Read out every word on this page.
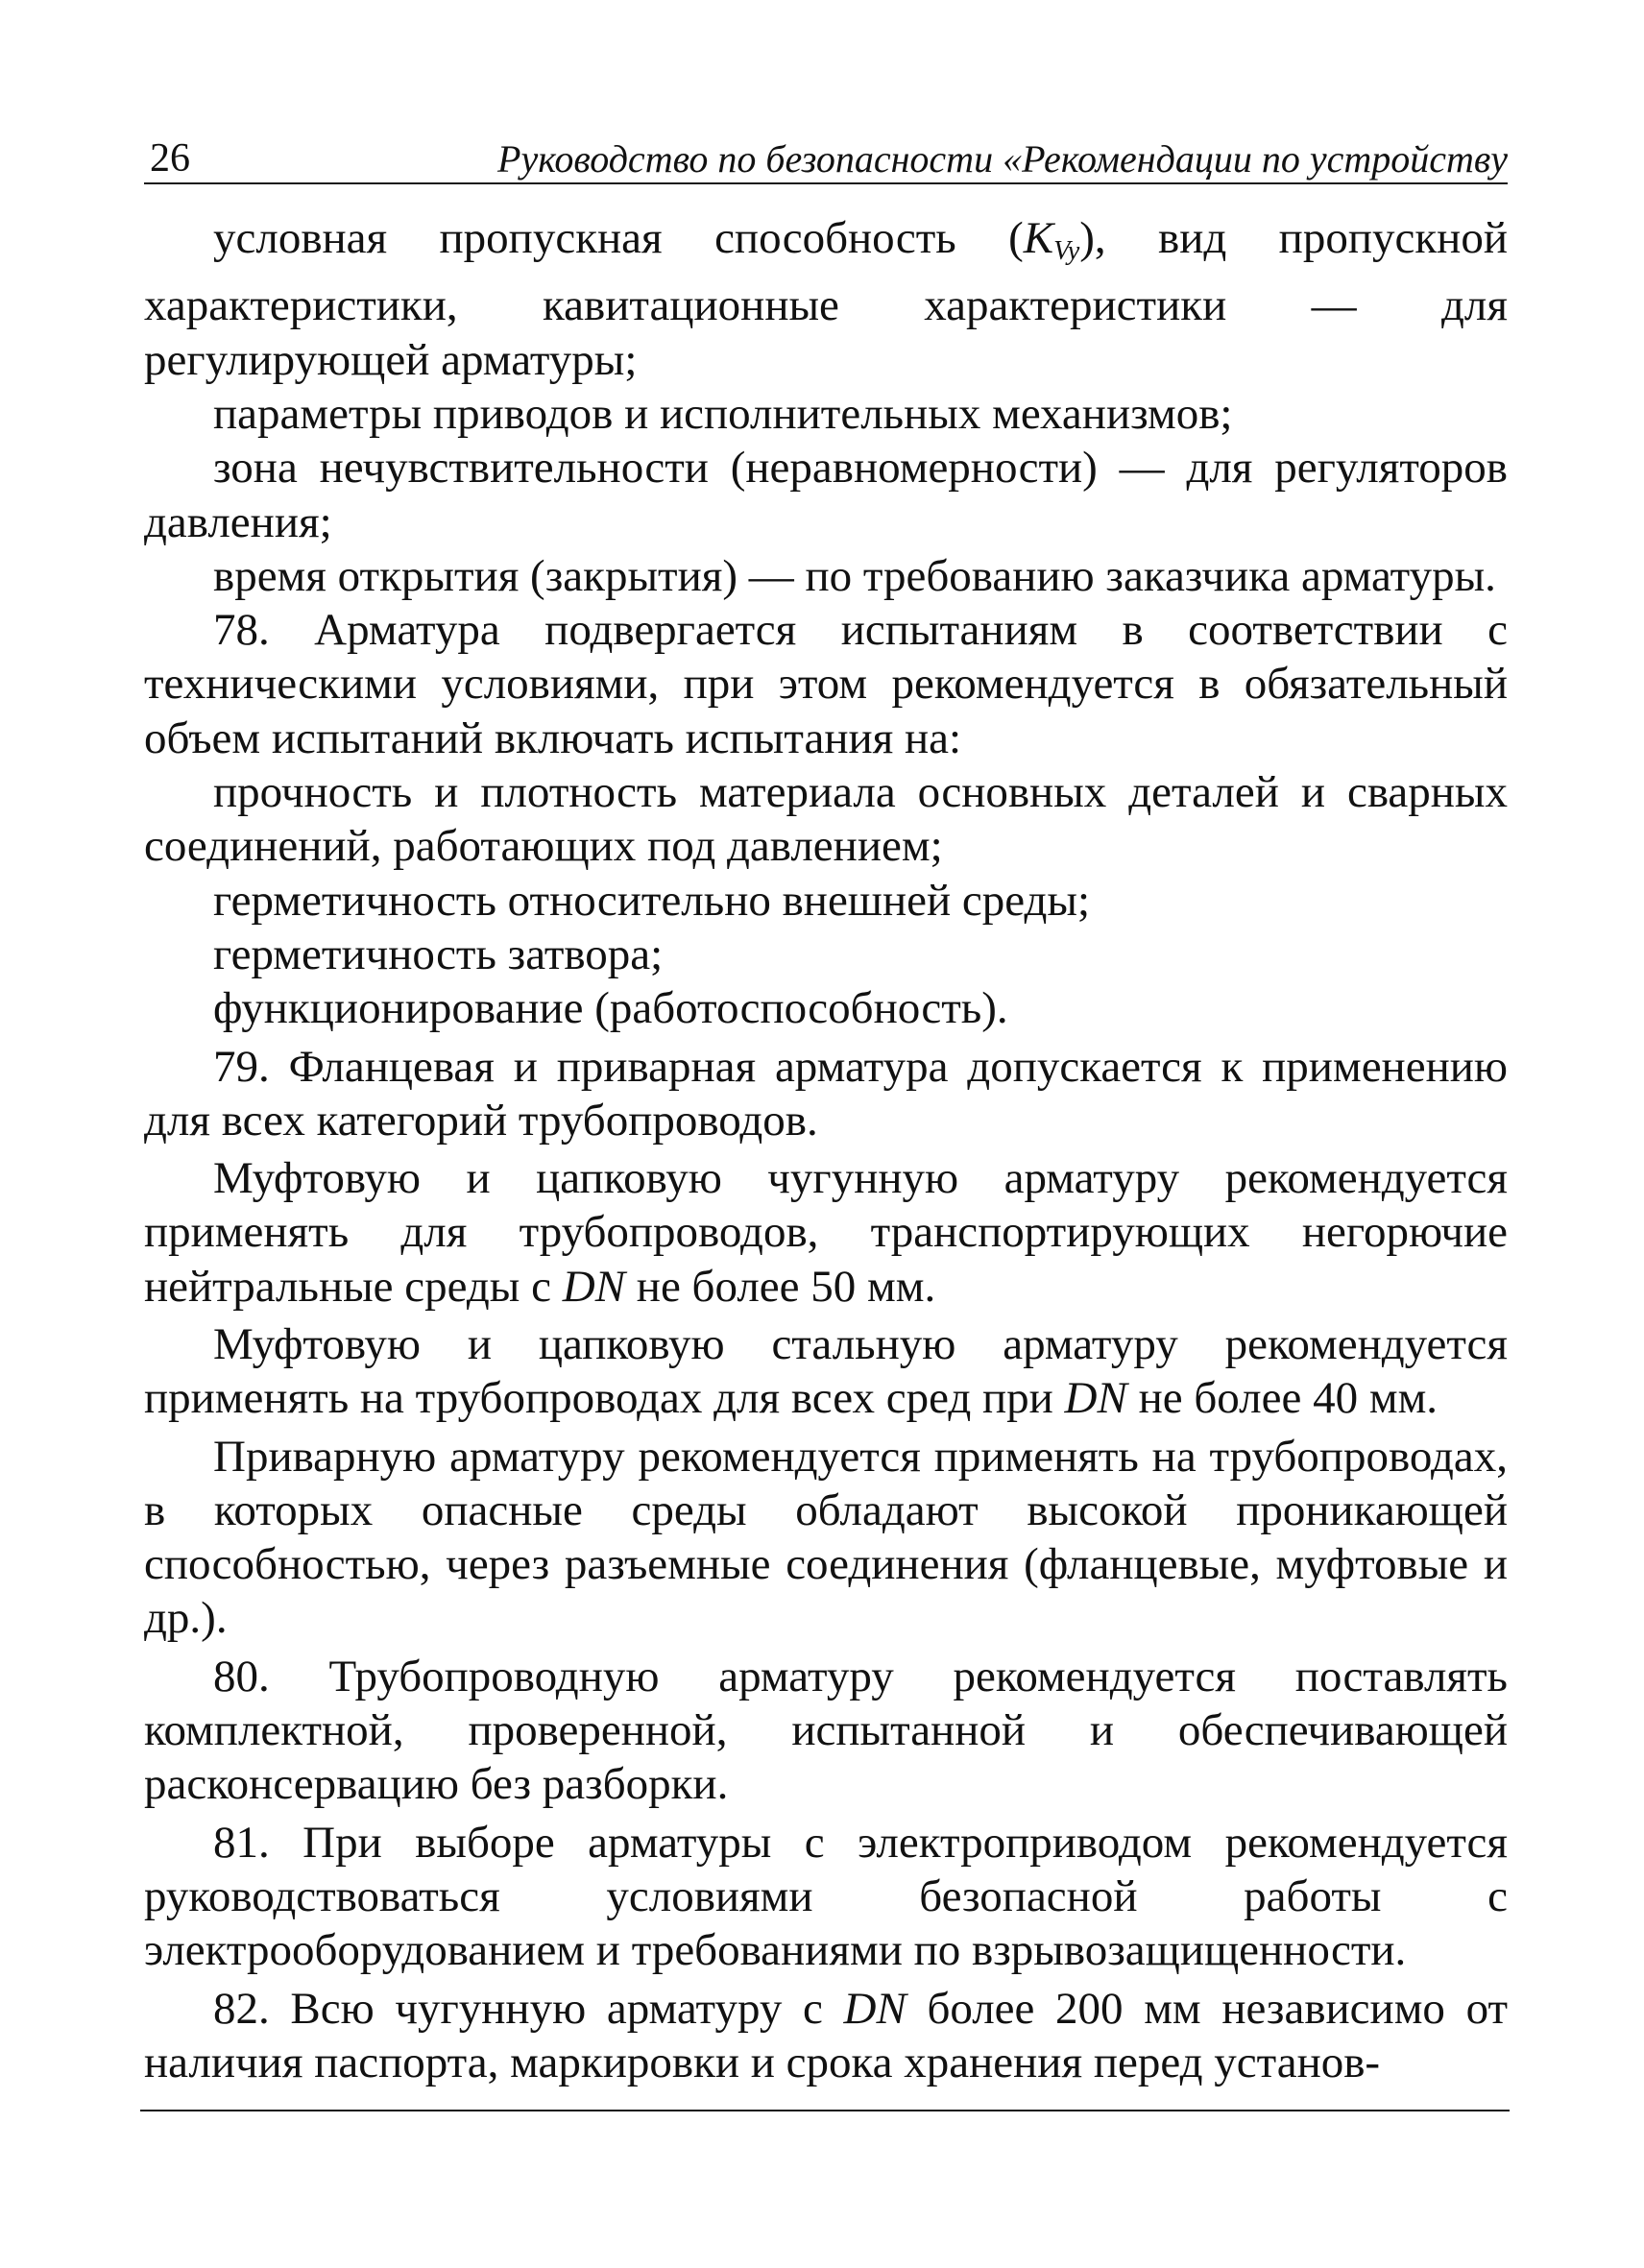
26	Руководство по безопасности «Рекомендации по устройству

условная пропускная способность $(K_{Vy})$, вид пропускной характеристики, кавитационные характеристики — для регулирующей арматуры;

параметры приводов и исполнительных механизмов;

зона нечувствительности (неравномерности) — для регуляторов давления;

время открытия (закрытия) — по требованию заказчика арматуры.

78. Арматура подвергается испытаниям в соответствии с техническими условиями, при этом рекомендуется в обязательный объем испытаний включать испытания на:

прочность и плотность материала основных деталей и сварных соединений, работающих под давлением;

герметичность относительно внешней среды;

герметичность затвора;

функционирование (работоспособность).

79. Фланцевая и приварная арматура допускается к применению для всех категорий трубопроводов.

Муфтовую и цапковую чугунную арматуру рекомендуется применять для трубопроводов, транспортирующих негорючие нейтральные среды с DN не более 50 мм.

Муфтовую и цапковую стальную арматуру рекомендуется применять на трубопроводах для всех сред при DN не более 40 мм.

Приварную арматуру рекомендуется применять на трубопроводах, в которых опасные среды обладают высокой проникающей способностью, через разъемные соединения (фланцевые, муфтовые и др.).

80. Трубопроводную арматуру рекомендуется поставлять комплектной, проверенной, испытанной и обеспечивающей расконсервацию без разборки.

81. При выборе арматуры с электроприводом рекомендуется руководствоваться условиями безопасной работы с электрооборудованием и требованиями по взрывозащищенности.

82. Всю чугунную арматуру с DN более 200 мм независимо от наличия паспорта, маркировки и срока хранения перед установ-
